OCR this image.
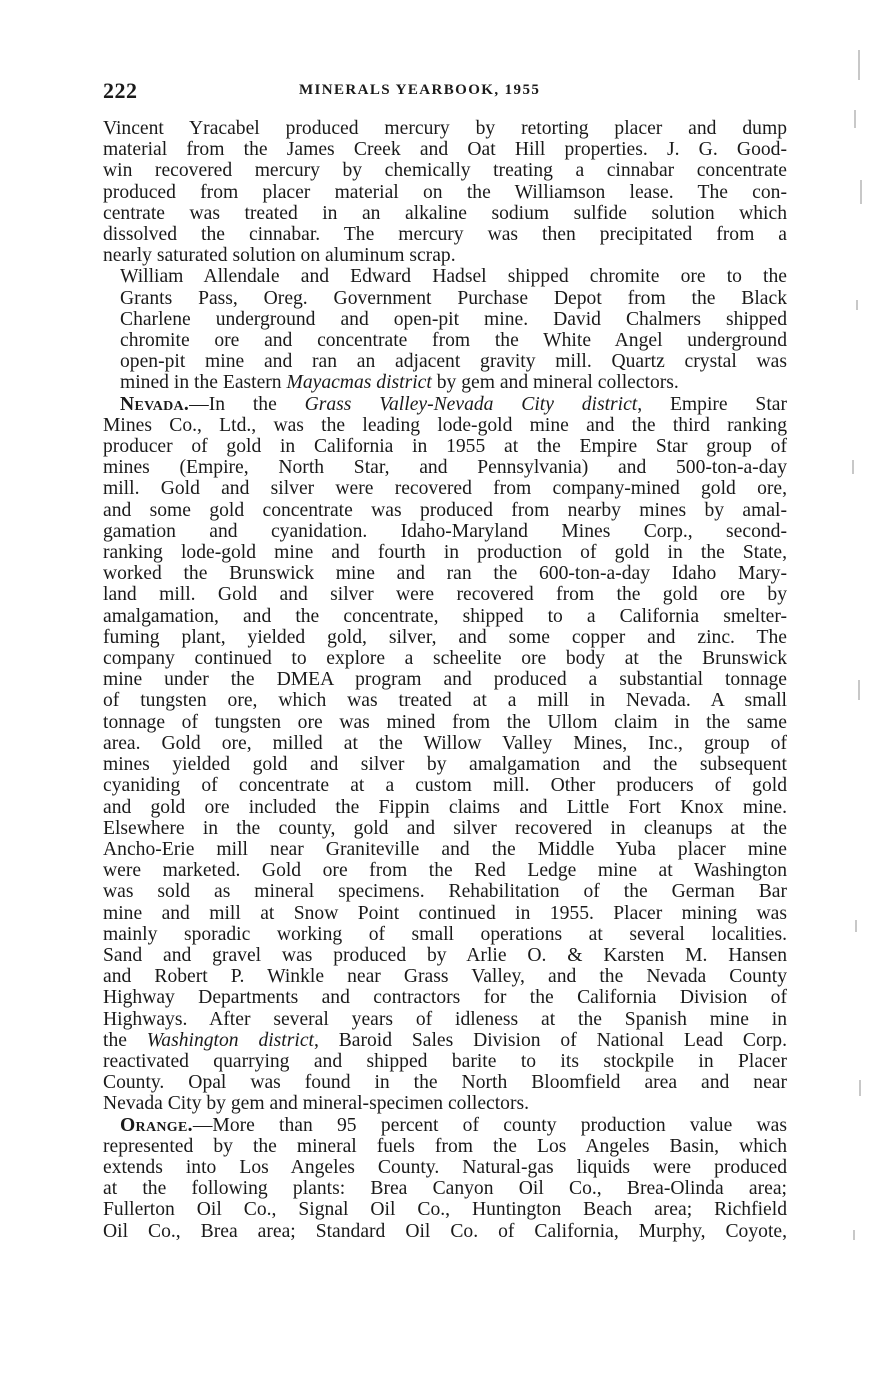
222	MINERALS YEARBOOK, 1955

Vincent Yracabel produced mercury by retorting placer and dump
material from the James Creek and Oat Hill properties. J. G. Good-
win recovered mercury by chemically treating a cinnabar concentrate
produced from placer material on the Williamson lease. The con-
centrate was treated in an alkaline sodium sulfide solution which
dissolved the cinnabar. The mercury was then precipitated from a
nearly saturated solution on aluminum scrap.

William Allendale and Edward Hadsel shipped chromite ore to the
Grants Pass, Oreg. Government Purchase Depot from the Black
Charlene underground and open-pit mine. David Chalmers shipped
chromite ore and concentrate from the White Angel underground
open-pit mine and ran an adjacent gravity mill. Quartz crystal was
mined in the Eastern Mayacmas district by gem and mineral collectors.

Nevada.—In the Grass Valley-Nevada City district, Empire Star
Mines Co., Ltd., was the leading lode-gold mine and the third ranking
producer of gold in California in 1955 at the Empire Star group of
mines (Empire, North Star, and Pennsylvania) and 500-ton-a-day
mill. Gold and silver were recovered from company-mined gold ore,
and some gold concentrate was produced from nearby mines by amal-
gamation and cyanidation. Idaho-Maryland Mines Corp., second-
ranking lode-gold mine and fourth in production of gold in the State,
worked the Brunswick mine and ran the 600-ton-a-day Idaho Mary-
land mill. Gold and silver were recovered from the gold ore by
amalgamation, and the concentrate, shipped to a California smelter-
fuming plant, yielded gold, silver, and some copper and zinc. The
company continued to explore a scheelite ore body at the Brunswick
mine under the DMEA program and produced a substantial tonnage
of tungsten ore, which was treated at a mill in Nevada. A small
tonnage of tungsten ore was mined from the Ullom claim in the same
area. Gold ore, milled at the Willow Valley Mines, Inc., group of
mines yielded gold and silver by amalgamation and the subsequent
cyaniding of concentrate at a custom mill. Other producers of gold
and gold ore included the Fippin claims and Little Fort Knox mine.
Elsewhere in the county, gold and silver recovered in cleanups at the
Ancho-Erie mill near Graniteville and the Middle Yuba placer mine
were marketed. Gold ore from the Red Ledge mine at Washington
was sold as mineral specimens. Rehabilitation of the German Bar
mine and mill at Snow Point continued in 1955. Placer mining was
mainly sporadic working of small operations at several localities.
Sand and gravel was produced by Arlie O. & Karsten M. Hansen
and Robert P. Winkle near Grass Valley, and the Nevada County
Highway Departments and contractors for the California Division of
Highways. After several years of idleness at the Spanish mine in
the Washington district, Baroid Sales Division of National Lead Corp.
reactivated quarrying and shipped barite to its stockpile in Placer
County. Opal was found in the North Bloomfield area and near
Nevada City by gem and mineral-specimen collectors.

Orange.—More than 95 percent of county production value was
represented by the mineral fuels from the Los Angeles Basin, which
extends into Los Angeles County. Natural-gas liquids were produced
at the following plants: Brea Canyon Oil Co., Brea-Olinda area;
Fullerton Oil Co., Signal Oil Co., Huntington Beach area; Richfield
Oil Co., Brea area; Standard Oil Co. of California, Murphy, Coyote,
